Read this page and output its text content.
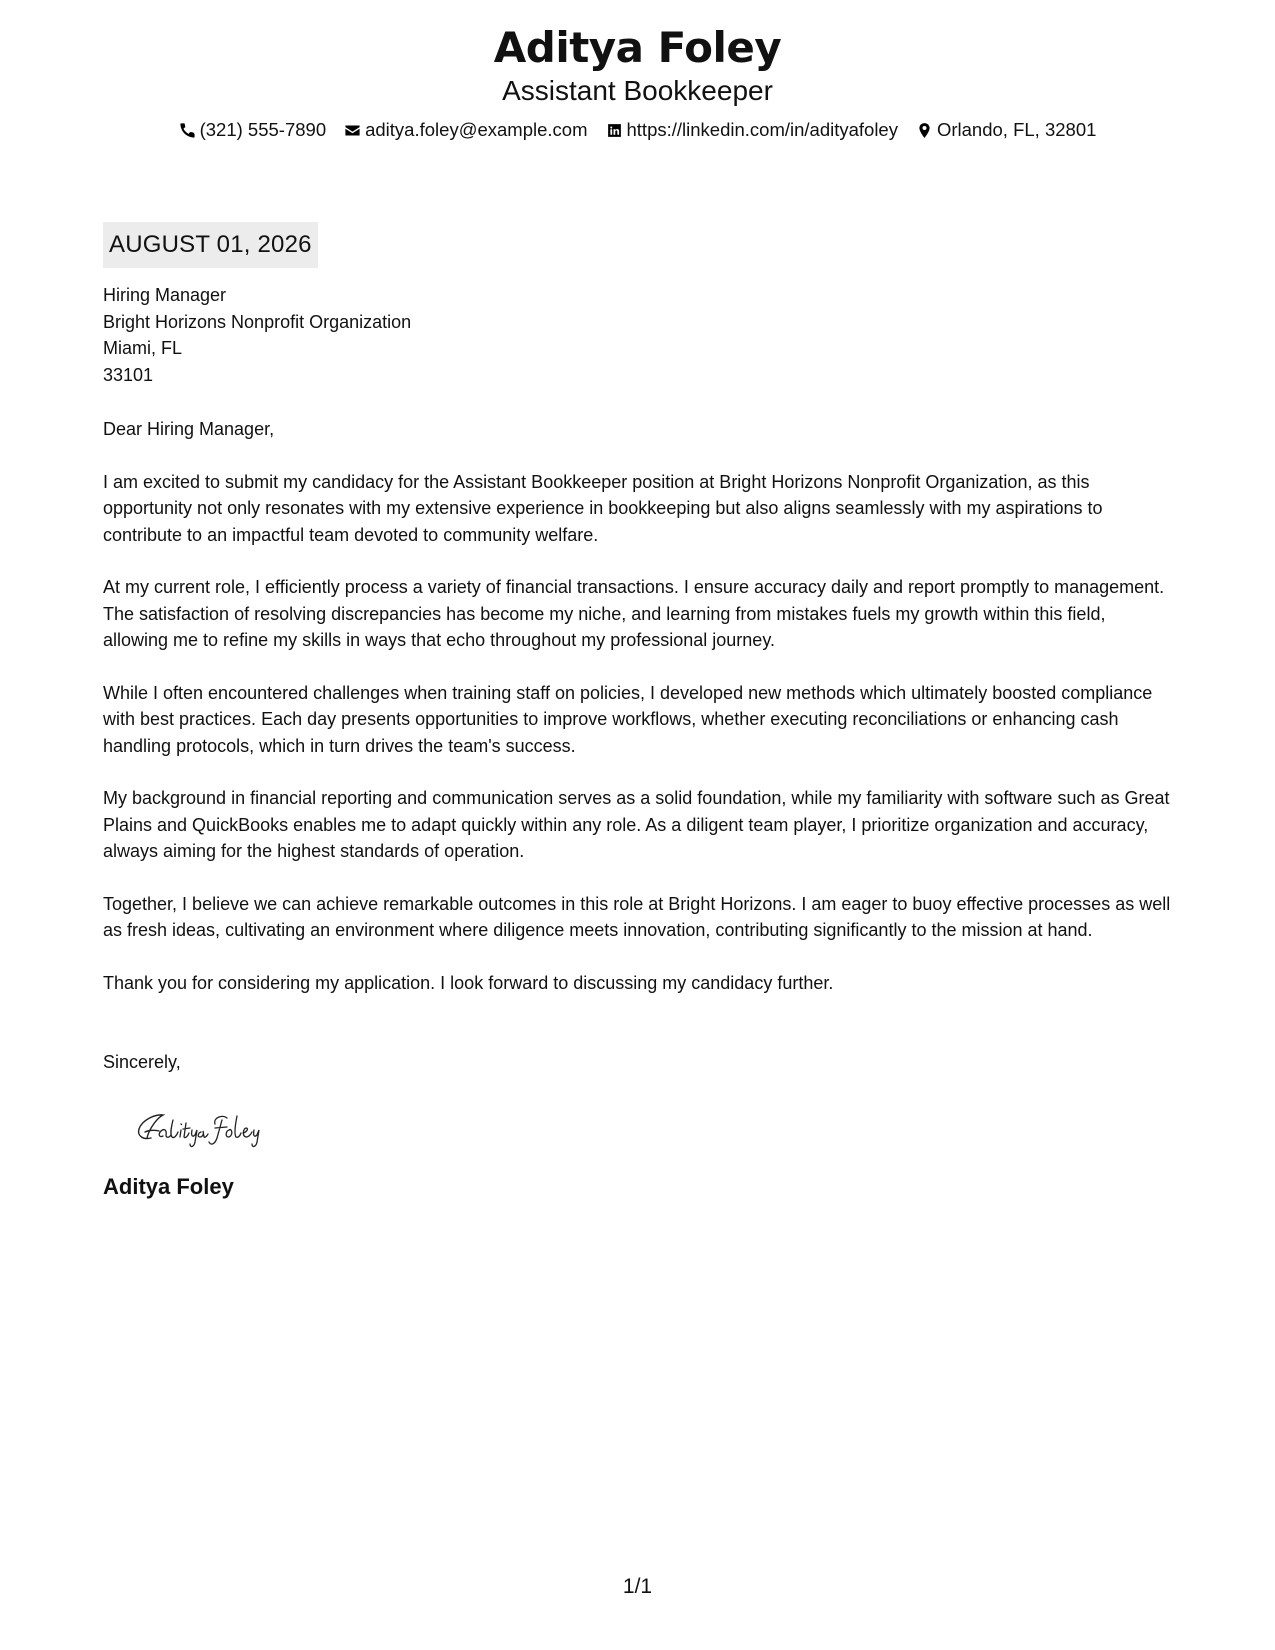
Aditya Foley
Assistant Bookkeeper
(321) 555-7890 aditya.foley@example.com https://linkedin.com/in/adityafoley Orlando, FL, 32801
AUGUST 01, 2026
Hiring Manager
Bright Horizons Nonprofit Organization
Miami, FL
33101

Dear Hiring Manager,

I am excited to submit my candidacy for the Assistant Bookkeeper position at Bright Horizons Nonprofit Organization, as this opportunity not only resonates with my extensive experience in bookkeeping but also aligns seamlessly with my aspirations to contribute to an impactful team devoted to community welfare.

At my current role, I efficiently process a variety of financial transactions. I ensure accuracy daily and report promptly to management. The satisfaction of resolving discrepancies has become my niche, and learning from mistakes fuels my growth within this field, allowing me to refine my skills in ways that echo throughout my professional journey.

While I often encountered challenges when training staff on policies, I developed new methods which ultimately boosted compliance with best practices. Each day presents opportunities to improve workflows, whether executing reconciliations or enhancing cash handling protocols, which in turn drives the team's success.

My background in financial reporting and communication serves as a solid foundation, while my familiarity with software such as Great Plains and QuickBooks enables me to adapt quickly within any role. As a diligent team player, I prioritize organization and accuracy, always aiming for the highest standards of operation.

Together, I believe we can achieve remarkable outcomes in this role at Bright Horizons. I am eager to buoy effective processes as well as fresh ideas, cultivating an environment where diligence meets innovation, contributing significantly to the mission at hand.

Thank you for considering my application. I look forward to discussing my candidacy further.

Sincerely,
Aditya Foley
1/1
